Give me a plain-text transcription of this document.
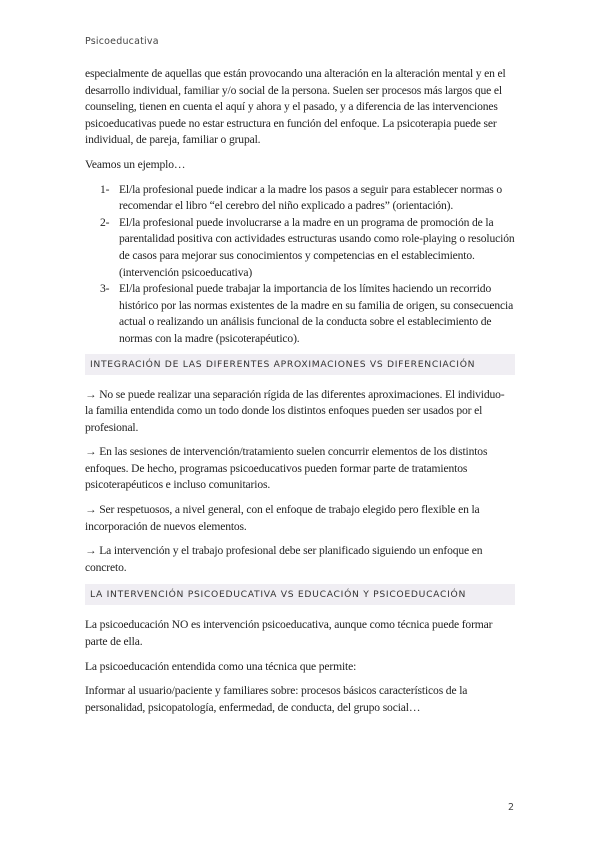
Psicoeducativa

especialmente de aquellas que están provocando una alteración en la alteración mental y en el desarrollo individual, familiar y/o social de la persona. Suelen ser procesos más largos que el counseling, tienen en cuenta el aquí y ahora y el pasado, y a diferencia de las intervenciones psicoeducativas puede no estar estructura en función del enfoque. La psicoterapia puede ser individual, de pareja, familiar o grupal.

Veamos un ejemplo…

1- El/la profesional puede indicar a la madre los pasos a seguir para establecer normas o recomendar el libro “el cerebro del niño explicado a padres” (orientación).
2- El/la profesional puede involucrarse a la madre en un programa de promoción de la parentalidad positiva con actividades estructuras usando como role-playing o resolución de casos para mejorar sus conocimientos y competencias en el establecimiento. (intervención psicoeducativa)
3- El/la profesional puede trabajar la importancia de los límites haciendo un recorrido histórico por las normas existentes de la madre en su familia de origen, su consecuencia actual o realizando un análisis funcional de la conducta sobre el establecimiento de normas con la madre (psicoterapéutico).
INTEGRACIÓN DE LAS DIFERENTES APROXIMACIONES VS DIFERENCIACIÓN

→ No se puede realizar una separación rígida de las diferentes aproximaciones. El individuo- la familia entendida como un todo donde los distintos enfoques pueden ser usados por el profesional.

→ En las sesiones de intervención/tratamiento suelen concurrir elementos de los distintos enfoques. De hecho, programas psicoeducativos pueden formar parte de tratamientos psicoterapéuticos e incluso comunitarios.

→ Ser respetuosos, a nivel general, con el enfoque de trabajo elegido pero flexible en la incorporación de nuevos elementos.

→ La intervención y el trabajo profesional debe ser planificado siguiendo un enfoque en concreto.

LA INTERVENCIÓN PSICOEDUCATIVA VS EDUCACIÓN Y PSICOEDUCACIÓN

La psicoeducación NO es intervención psicoeducativa, aunque como técnica puede formar parte de ella.

La psicoeducación entendida como una técnica que permite:

Informar al usuario/paciente y familiares sobre: procesos básicos característicos de la personalidad, psicopatología, enfermedad, de conducta, del grupo social…

2
